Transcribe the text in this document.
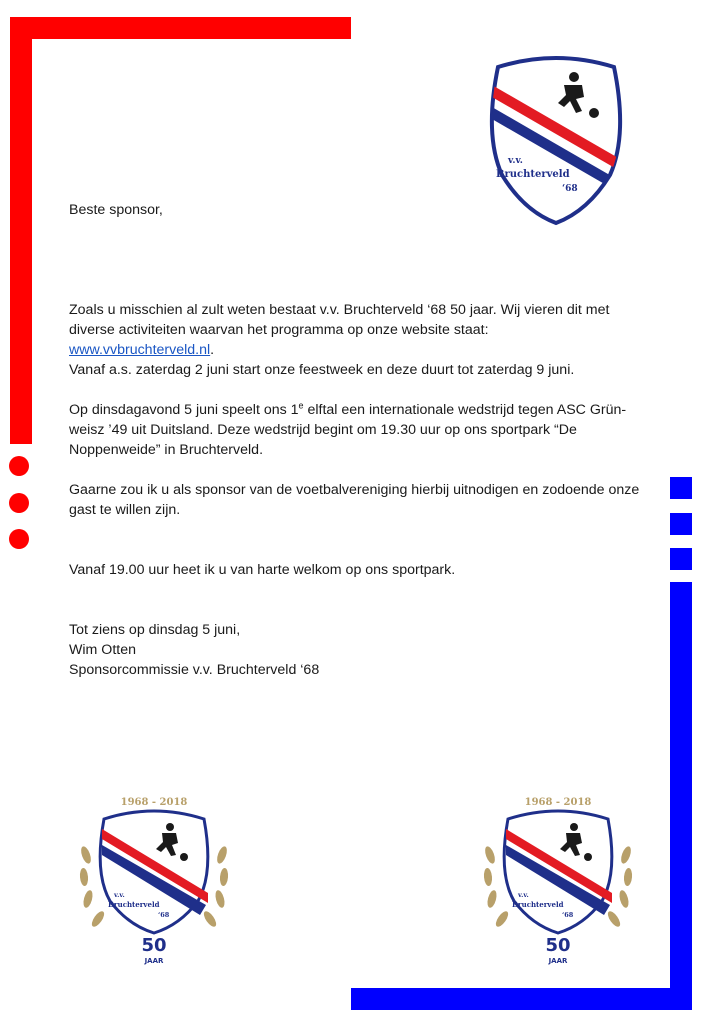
v.v.
Bruchterveld
‘68

Beste sponsor,

Zoals u misschien al zult weten bestaat v.v. Bruchterveld ‘68 50 jaar. Wij vieren dit met diverse activiteiten waarvan het programma op onze website staat:
www.vvbruchterveld.nl.
Vanaf a.s. zaterdag 2 juni start onze feestweek en deze duurt tot zaterdag 9 juni.

Op dinsdagavond 5 juni speelt ons 1e elftal een internationale wedstrijd tegen ASC Grün-weisz ’49 uit Duitsland. Deze wedstrijd begint om 19.30 uur op ons sportpark “De Noppenweide” in Bruchterveld.

Gaarne zou ik u als sponsor van de voetbalvereniging hierbij uitnodigen en zodoende onze gast te willen zijn.

Vanaf 19.00 uur heet ik u van harte welkom op ons sportpark.

Tot ziens op dinsdag 5 juni,
Wim Otten
Sponsorcommissie v.v. Bruchterveld ‘68

1968 - 2018
v.v.
Bruchterveld
‘68
50
JAAR
1968 - 2018
v.v.
Bruchterveld
‘68
50
JAAR
